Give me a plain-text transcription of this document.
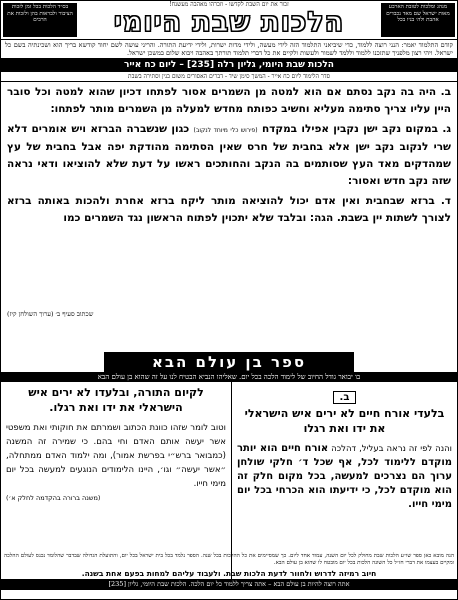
מנהג ומלכות לטובת הארבע מאות ישראל שם מאד נכבדים אהבת ולה׳ בניו בכל
זכור את יום השבת לקדשו - וזכרהו מאהבה מעשנח!
הלכות שבת היומי
בס״ד הלכות בכל זמן לזכות הציבור ולבראות בהן ולזכות את הרבים
קודם התלמוד יאמר: הנני רוצה ללמוד, כדי שיביאני התלמוד הזה לידי מעשה, ולידי מדות ישרות, ולידי ידיעת התורה. והריני עושה לשם יחוד קודשא בריך הוא ושכינתיה בשם כל ישראל. ויהי רצון מלפניך שתזכנו ללמוד וללמד לשמור ולעשות ולקיים את כל דברי תלמוד תורתך באהבה ויבוא שלום במשכן ישראל.
הלכות שבת היומי, גליון רלה [235] – ליום כח אייר
סדר הלימוד ליום כח אייר - המשך סימן שיד - דברים האסורים משום בנין וסתירה בשבת

ב. היה בה נקב נסתם אם הוא למטה מן השמרים אסור לפתחו דכיון שהוא למטה וכל סובר היין עליו צריך סתימה מעליא וחשיב כפותח מחדש למעלה מן השמרים מותר לפתחו:

ג. במקום נקב ישן נקבין אפילו במקדח (פירוש כלי מיוחד לנקוב) כגון שנשברה הברזא ויש אומרים דלא שרי לנקוב נקב ישן אלא בחבית של חרס שאין הסתימה מהודקת יפה אבל בחבית של עץ שמהדקים מאד העץ שסותמים בה הנקב והחותכים ראשו על דעת שלא להוציאו ודאי נראה שזה נקב חדש ואסור:

ד. ברזא שבחבית ואין אדם יכול להוציאה מותר ליקח ברזא אחרת ולהכות באותה ברזא לצורך לשתות יין בשבת. הגה: ובלבד שלא יתכוין לפתוח הראשון נגד השמרים כמו

שכתוב סעיף ב׳ (ערוך השולחן קיז)
ספר בן עולם הבא
בו יבואר גודל החיוב של לימוד הלכה בכל יום. שאליהו הנביא הבטיח לנו על זה שהוא בן עולם הבא
ב.
בלעדי אורח חיים לא ירים איש הישראלי את ידו ואת רגלו
והנה לפי זה נראה בעליל, דהלכה אורח חיים הוא יותר מוקדם ללימוד לכל, אף שכל ד׳ חלקי שולחן ערוך הם נצרכים למעשה, בכל מקום חלק זה הוא מוקדם לכל, כי ידיעתו הוא הכרחי בכל יום מימי חייו.
לקיום התורה, ובלעדו לא ירים איש הישראלי את ידו ואת רגלו.
וטוב לומר שזהו כוונת הכתוב ושמרתם את חוקותי ואת משפטי אשר יעשה אותם האדם וחי בהם. כי שמירה זה המשנה (כמבואר ברש״י בפרשת אמור), ומה ילמוד האדם ממתחלה, ״אשר יעשה״ וגו׳, היינו הלימודים הנוגעים למעשה בכל יום מימי חייו.
(משנה ברורה בהקדמה לחלק א׳)
הנה מובא כאן ספר שו״ע הלכות שבת מחולק לכל יום השנה, עמוד אחד ליום. כך שמסיימים את כל ההלכות בכל שנה. הספר נלמד בכל בית ישראל בכל יום, והתועלת הגדולה שבדבר שהלומד נכנס לעולם ההלכה ומקיים בעצמו את דברי חז״ל כל השונה הלכות בכל יום מובטח לו שהוא בן עולם הבא.
חיוב רמיזה לדרוש ולחוור לדעת הלכות שבת. ולעבוד עליהם למחות בפעם אחת בשנה.
אתה רוצה להיות בן עולם הבא – אתה צריך ללמוד כל יום הלכה. הלכות שבת היומי, גליון [235]
